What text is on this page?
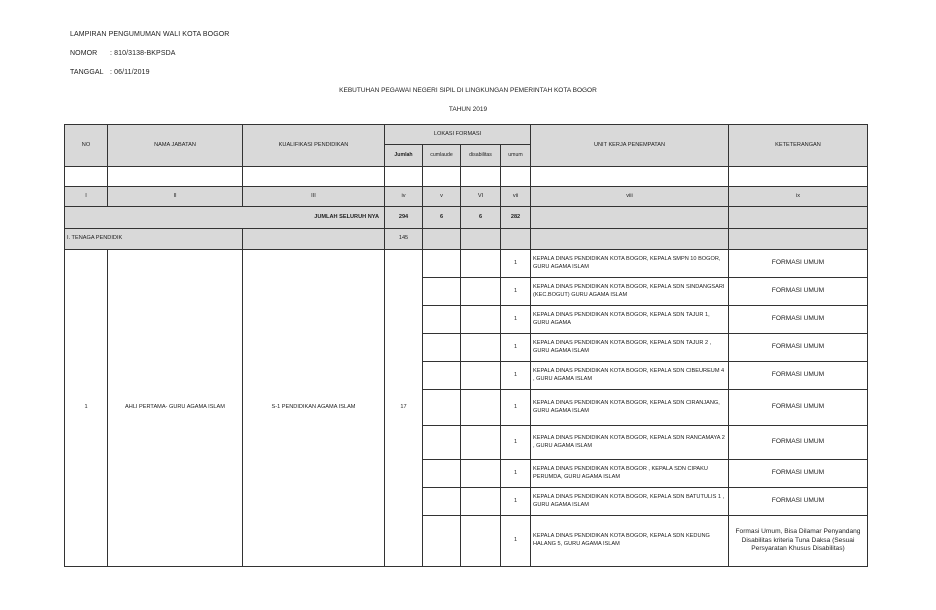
LAMPIRAN PENGUMUMAN WALI KOTA BOGOR
NOMOR : 810/3138-BKPSDA
TANGGAL : 06/11/2019
KEBUTUHAN PEGAWAI NEGERI SIPIL DI LINGKUNGAN PEMERINTAH KOTA BOGOR
TAHUN 2019
NO	NAMA JABATAN	KUALIFIKASI PENDIDIKAN	LOKASI FORMASI				UNIT KERJA PENEMPATAN	KETETERANGAN
			Jumlah	cumlaude	disabilitas	umum		

I	II	III	iv	v	VI	vii	viii	ix
JUMLAH SELURUH NYA			294	6	6	282		
I. TENAGA PENDIDIK			145					
1	AHLI PERTAMA- GURU AGAMA ISLAM	S-1 PENDIDIKAN AGAMA ISLAM	17			1	KEPALA DINAS PENDIDIKAN KOTA BOGOR, KEPALA SMPN 10 BOGOR, GURU AGAMA ISLAM	FORMASI UMUM
						1	KEPALA DINAS PENDIDIKAN KOTA BOGOR, KEPALA SDN SINDANGSARI (KEC.BOGUT) GURU AGAMA ISLAM	FORMASI UMUM
						1	KEPALA DINAS PENDIDIKAN KOTA BOGOR, KEPALA SDN TAJUR 1, GURU AGAMA	FORMASI UMUM
						1	KEPALA DINAS PENDIDIKAN KOTA BOGOR, KEPALA SDN TAJUR 2 , GURU AGAMA ISLAM	FORMASI UMUM
						1	KEPALA DINAS PENDIDIKAN KOTA BOGOR, KEPALA SDN CIBEUREUM 4 , GURU AGAMA ISLAM	FORMASI UMUM
						1	KEPALA DINAS PENDIDIKAN KOTA BOGOR, KEPALA SDN CIRANJANG, GURU AGAMA ISLAM	FORMASI UMUM
						1	KEPALA DINAS PENDIDIKAN KOTA BOGOR, KEPALA SDN RANCAMAYA 2 , GURU AGAMA ISLAM	FORMASI UMUM
						1	KEPALA DINAS PENDIDIKAN KOTA BOGOR , KEPALA SDN CIPAKU PERUMDA, GURU AGAMA ISLAM	FORMASI UMUM
						1	KEPALA DINAS PENDIDIKAN KOTA BOGOR, KEPALA SDN BATUTULIS 1 , GURU AGAMA ISLAM	FORMASI UMUM
						1	KEPALA DINAS PENDIDIKAN KOTA BOGOR, KEPALA SDN KEDUNG HALANG 5, GURU AGAMA ISLAM	Formasi Umum, Bisa Dilamar Penyandang Disabilitas kriteria Tuna Daksa (Sesuai Persyaratan Khusus Disabilitas)
